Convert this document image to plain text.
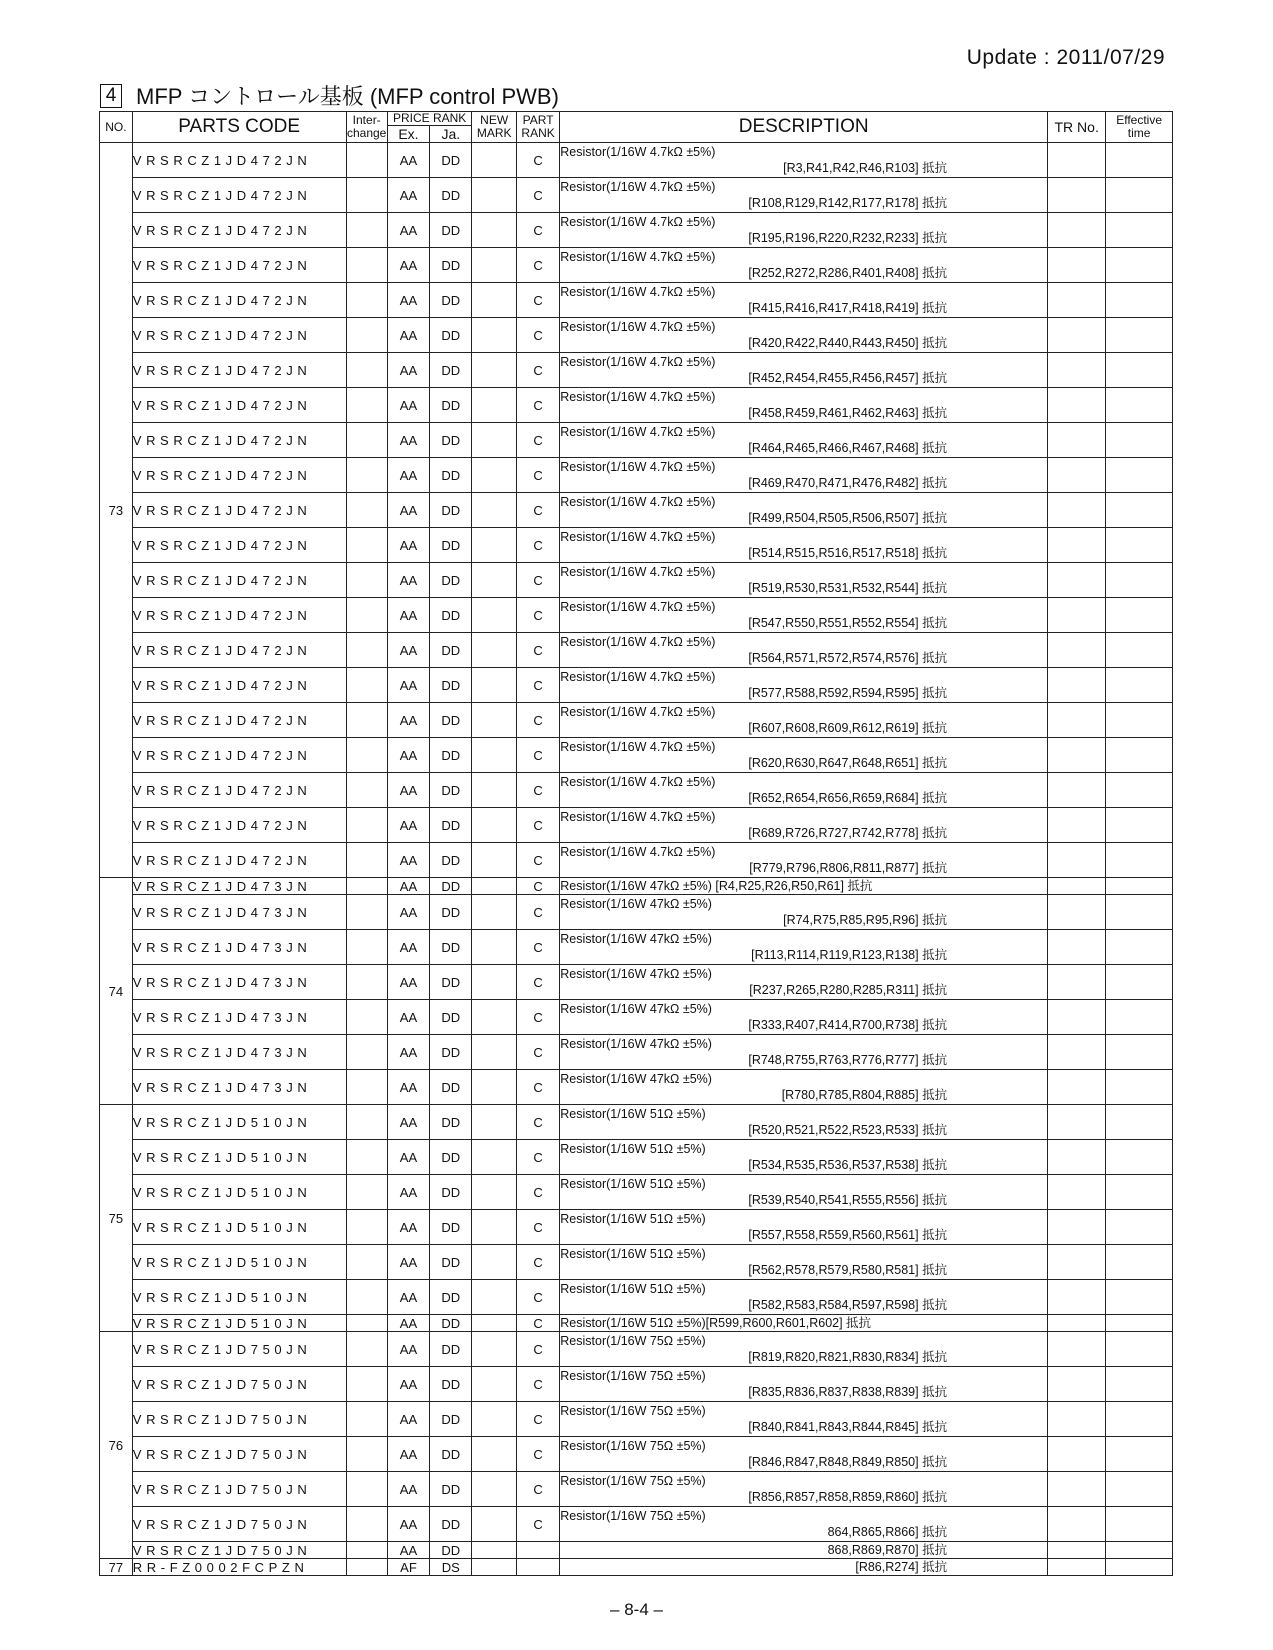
Update : 2011/07/29
4 MFP コントロール基板 (MFP control PWB)
NO.	PARTS CODE	Inter-change	PRICE RANK		NEW MARK	PART RANK	DESCRIPTION	TR No.	Effective time
			Ex.	Ja.					
73	VRSRCZ1JD472JN		AA	DD		C	Resistor(1/16W 4.7kΩ ±5%)
[R3,R41,R42,R46,R103] 抵抗		

	VRSRCZ1JD472JN		AA	DD		C	Resistor(1/16W 4.7kΩ ±5%)
[R108,R129,R142,R177,R178] 抵抗		

	VRSRCZ1JD472JN		AA	DD		C	Resistor(1/16W 4.7kΩ ±5%)
[R195,R196,R220,R232,R233] 抵抗		

	VRSRCZ1JD472JN		AA	DD		C	Resistor(1/16W 4.7kΩ ±5%)
[R252,R272,R286,R401,R408] 抵抗		

	VRSRCZ1JD472JN		AA	DD		C	Resistor(1/16W 4.7kΩ ±5%)
[R415,R416,R417,R418,R419] 抵抗		

	VRSRCZ1JD472JN		AA	DD		C	Resistor(1/16W 4.7kΩ ±5%)
[R420,R422,R440,R443,R450] 抵抗		

	VRSRCZ1JD472JN		AA	DD		C	Resistor(1/16W 4.7kΩ ±5%)
[R452,R454,R455,R456,R457] 抵抗		

	VRSRCZ1JD472JN		AA	DD		C	Resistor(1/16W 4.7kΩ ±5%)
[R458,R459,R461,R462,R463] 抵抗		

	VRSRCZ1JD472JN		AA	DD		C	Resistor(1/16W 4.7kΩ ±5%)
[R464,R465,R466,R467,R468] 抵抗		

	VRSRCZ1JD472JN		AA	DD		C	Resistor(1/16W 4.7kΩ ±5%)
[R469,R470,R471,R476,R482] 抵抗		

	VRSRCZ1JD472JN		AA	DD		C	Resistor(1/16W 4.7kΩ ±5%)
[R499,R504,R505,R506,R507] 抵抗		

	VRSRCZ1JD472JN		AA	DD		C	Resistor(1/16W 4.7kΩ ±5%)
[R514,R515,R516,R517,R518] 抵抗		

	VRSRCZ1JD472JN		AA	DD		C	Resistor(1/16W 4.7kΩ ±5%)
[R519,R530,R531,R532,R544] 抵抗		

	VRSRCZ1JD472JN		AA	DD		C	Resistor(1/16W 4.7kΩ ±5%)
[R547,R550,R551,R552,R554] 抵抗		

	VRSRCZ1JD472JN		AA	DD		C	Resistor(1/16W 4.7kΩ ±5%)
[R564,R571,R572,R574,R576] 抵抗		

	VRSRCZ1JD472JN		AA	DD		C	Resistor(1/16W 4.7kΩ ±5%)
[R577,R588,R592,R594,R595] 抵抗		

	VRSRCZ1JD472JN		AA	DD		C	Resistor(1/16W 4.7kΩ ±5%)
[R607,R608,R609,R612,R619] 抵抗		

	VRSRCZ1JD472JN		AA	DD		C	Resistor(1/16W 4.7kΩ ±5%)
[R620,R630,R647,R648,R651] 抵抗		

	VRSRCZ1JD472JN		AA	DD		C	Resistor(1/16W 4.7kΩ ±5%)
[R652,R654,R656,R659,R684] 抵抗		

	VRSRCZ1JD472JN		AA	DD		C	Resistor(1/16W 4.7kΩ ±5%)
[R689,R726,R727,R742,R778] 抵抗		

	VRSRCZ1JD472JN		AA	DD		C	Resistor(1/16W 4.7kΩ ±5%)
[R779,R796,R806,R811,R877] 抵抗		

74	VRSRCZ1JD473JN		AA	DD		C	Resistor(1/16W 47kΩ ±5%) [R4,R25,R26,R50,R61] 抵抗		

	VRSRCZ1JD473JN		AA	DD		C	Resistor(1/16W 47kΩ ±5%)
[R74,R75,R85,R95,R96] 抵抗		

	VRSRCZ1JD473JN		AA	DD		C	Resistor(1/16W 47kΩ ±5%)
[R113,R114,R119,R123,R138] 抵抗		

	VRSRCZ1JD473JN		AA	DD		C	Resistor(1/16W 47kΩ ±5%)
[R237,R265,R280,R285,R311] 抵抗		

	VRSRCZ1JD473JN		AA	DD		C	Resistor(1/16W 47kΩ ±5%)
[R333,R407,R414,R700,R738] 抵抗		

	VRSRCZ1JD473JN		AA	DD		C	Resistor(1/16W 47kΩ ±5%)
[R748,R755,R763,R776,R777] 抵抗		

	VRSRCZ1JD473JN		AA	DD		C	Resistor(1/16W 47kΩ ±5%)
[R780,R785,R804,R885] 抵抗		

75	VRSRCZ1JD510JN		AA	DD		C	Resistor(1/16W 51Ω ±5%)
[R520,R521,R522,R523,R533] 抵抗		

	VRSRCZ1JD510JN		AA	DD		C	Resistor(1/16W 51Ω ±5%)
[R534,R535,R536,R537,R538] 抵抗		

	VRSRCZ1JD510JN		AA	DD		C	Resistor(1/16W 51Ω ±5%)
[R539,R540,R541,R555,R556] 抵抗		

	VRSRCZ1JD510JN		AA	DD		C	Resistor(1/16W 51Ω ±5%)
[R557,R558,R559,R560,R561] 抵抗		

	VRSRCZ1JD510JN		AA	DD		C	Resistor(1/16W 51Ω ±5%)
[R562,R578,R579,R580,R581] 抵抗		

	VRSRCZ1JD510JN		AA	DD		C	Resistor(1/16W 51Ω ±5%)
[R582,R583,R584,R597,R598] 抵抗		

	VRSRCZ1JD510JN		AA	DD		C	Resistor(1/16W 51Ω ±5%)[R599,R600,R601,R602] 抵抗		

76	VRSRCZ1JD750JN		AA	DD		C	Resistor(1/16W 75Ω ±5%)
[R819,R820,R821,R830,R834] 抵抗		

	VRSRCZ1JD750JN		AA	DD		C	Resistor(1/16W 75Ω ±5%)
[R835,R836,R837,R838,R839] 抵抗		

	VRSRCZ1JD750JN		AA	DD		C	Resistor(1/16W 75Ω ±5%)
[R840,R841,R843,R844,R845] 抵抗		

	VRSRCZ1JD750JN		AA	DD		C	Resistor(1/16W 75Ω ±5%)
[R846,R847,R848,R849,R850] 抵抗		

	VRSRCZ1JD750JN		AA	DD		C	Resistor(1/16W 75Ω ±5%)
[R856,R857,R858,R859,R860] 抵抗		

	VRSRCZ1JD750JN		AA	DD		C	Resistor(1/16W 75Ω ±5%)
864,R865,R866] 抵抗		

	VRSRCZ1JD750JN		AA	DD			868,R869,R870] 抵抗		

77	RR-FZ0002FCPZN		AF	DS			[R86,R274] 抵抗		

– 8-4 –
